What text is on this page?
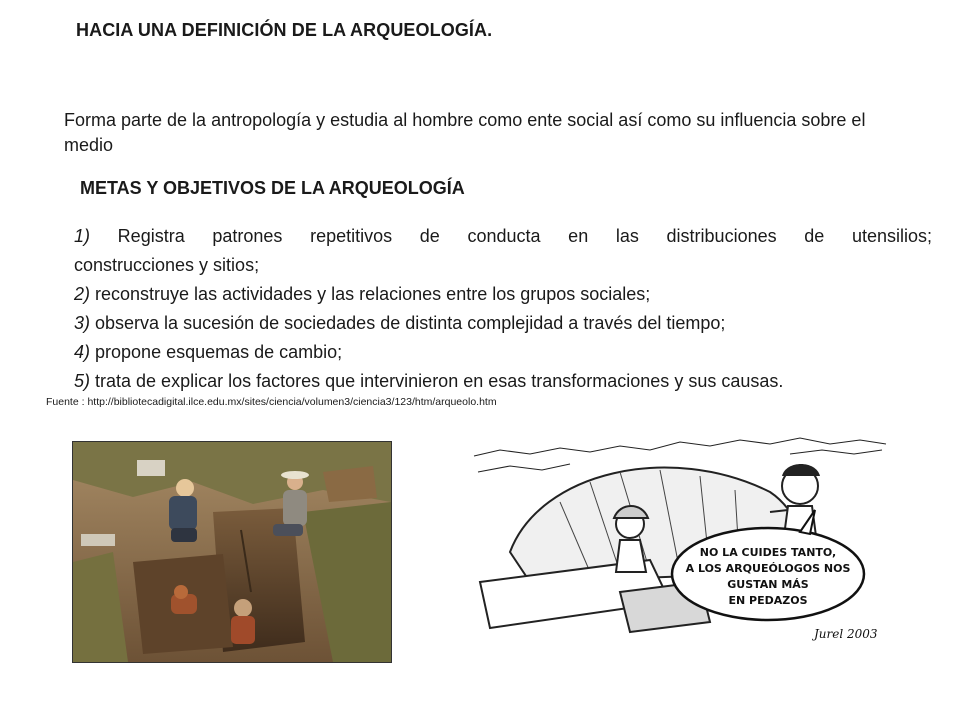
HACIA UNA DEFINICIÓN DE LA ARQUEOLOGÍA.
Forma parte de la antropología y estudia al hombre como ente social así como su influencia sobre el medio
METAS Y OBJETIVOS DE LA ARQUEOLOGÍA
1) Registra patrones repetitivos de conducta en las distribuciones de utensilios;
construcciones y sitios;
2) reconstruye las actividades y las relaciones entre los grupos sociales;
3) observa la sucesión de sociedades de distinta complejidad a través del tiempo;
4) propone esquemas de cambio;
5) trata de explicar los factores que intervinieron en esas transformaciones y sus causas.
Fuente : http://bibliotecadigital.ilce.edu.mx/sites/ciencia/volumen3/ciencia3/123/htm/arqueolo.htm
NO LA CUIDES TANTO,
A LOS ARQUEÓLOGOS NOS
GUSTAN MÁS
EN PEDAZOS
Jurel 2003
